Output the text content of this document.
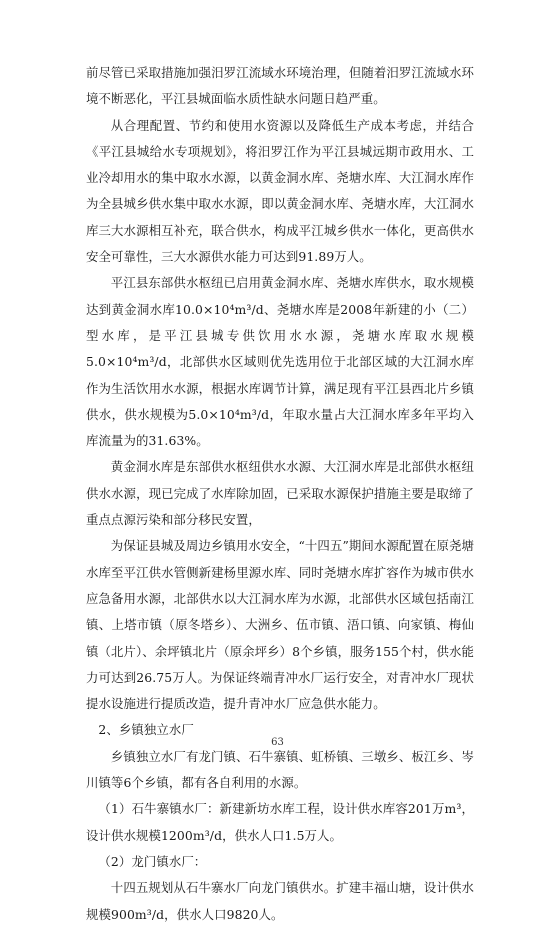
前尽管已采取措施加强汨罗江流域水环境治理，但随着汨罗江流域水环境不断恶化，平江县城面临水质性缺水问题日趋严重。

从合理配置、节约和使用水资源以及降低生产成本考虑，并结合《平江县城给水专项规划》，将汨罗江作为平江县城远期市政用水、工业冷却用水的集中取水水源，以黄金洞水库、尧塘水库、大江洞水库作为全县城乡供水集中取水水源，即以黄金洞水库、尧塘水库，大江洞水库三大水源相互补充，联合供水，构成平江城乡供水一体化，更高供水安全可靠性，三大水源供水能力可达到91.89万人。

平江县东部供水枢纽已启用黄金洞水库、尧塘水库供水，取水规模达到黄金洞水库10.0×10⁴m³/d、尧塘水库是2008年新建的小（二）型水库，是平江县城专供饮用水水源，尧塘水库取水规模5.0×10⁴m³/d，北部供水区域则优先选用位于北部区域的大江洞水库作为生活饮用水水源，根据水库调节计算，满足现有平江县西北片乡镇供水，供水规模为5.0×10⁴m³/d，年取水量占大江洞水库多年平均入库流量为的31.63%。

黄金洞水库是东部供水枢纽供水水源、大江洞水库是北部供水枢纽供水水源，现已完成了水库除加固，已采取水源保护措施主要是取缔了重点点源污染和部分移民安置，

为保证县城及周边乡镇用水安全，“十四五”期间水源配置在原尧塘水库至平江供水管侧新建杨里源水库、同时尧塘水库扩容作为城市供水应急备用水源，北部供水以大江洞水库为水源，北部供水区域包括南江镇、上塔市镇（原冬塔乡）、大洲乡、伍市镇、浯口镇、向家镇、梅仙镇（北片）、余坪镇北片（原余坪乡）8个乡镇，服务155个村，供水能力可达到26.75万人。为保证终端青冲水厂运行安全，对青冲水厂现状提水设施进行提质改造，提升青冲水厂应急供水能力。

2、乡镇独立水厂

乡镇独立水厂有龙门镇、石牛寨镇、虹桥镇、三墩乡、板江乡、岑川镇等6个乡镇，都有各自利用的水源。

（1）石牛寨镇水厂：新建新坊水库工程，设计供水库容201万m³，设计供水规模1200m³/d，供水人口1.5万人。

（2）龙门镇水厂：

十四五规划从石牛寨水厂向龙门镇供水。扩建丰福山塘，设计供水规模900m³/d，供水人口9820人。

63
